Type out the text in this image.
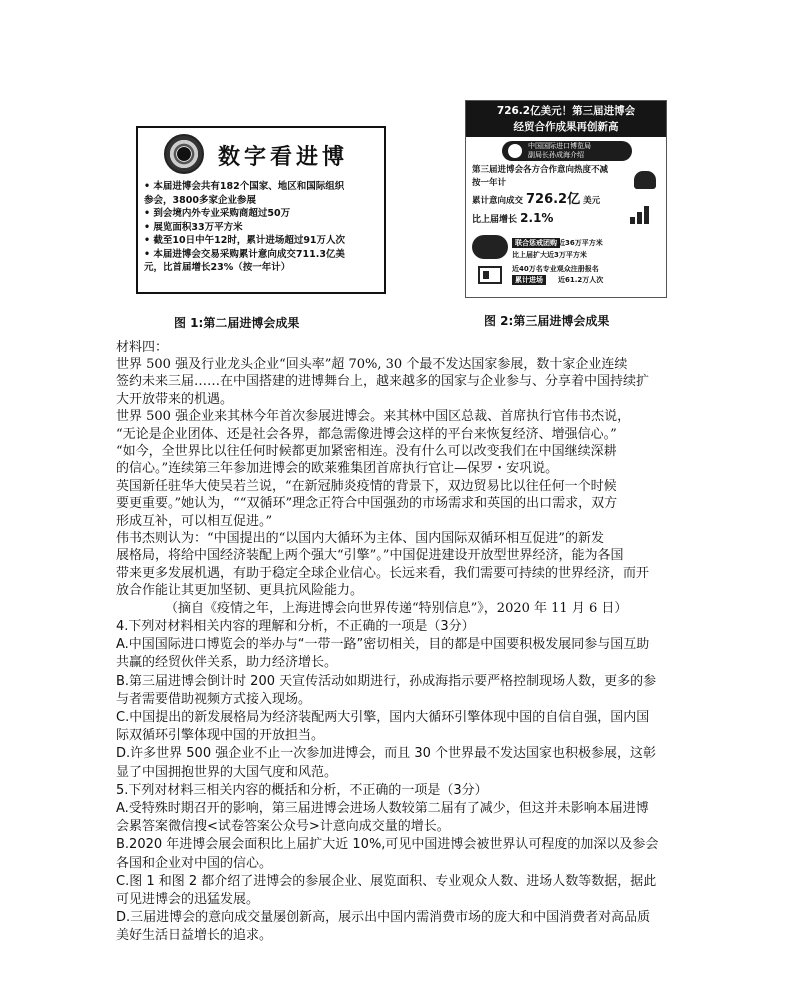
数字看进博

• 本届进博会共有182个国家、地区和国际组织

参会，3800多家企业参展

• 到会境内外专业采购商超过50万

• 展览面积33万平方米

• 截至10日中午12时，累计进场超过91万人次

• 本届进博会交易采购累计意向成交711.3亿美

元，比首届增长23%（按一年计）

图 1:第二届进博会成果
726.2亿美元！第三届进博会
经贸合作成果再创新高
中国国际进口博览局
副局长孙成海介绍
第三届进博会各方合作意向热度不减
按一年计
累计意向成交 726.2亿 美元
比上届增长 2.1%
联合惩戒团购 近36万平方米
比上届扩大近3万平方米
近40万名专业观众注册报名
累计进场	近61.2万人次
图 2:第三届进博会成果
材料四：
世界 500 强及行业龙头企业“回头率”超 70%, 30 个最不发达国家参展，数十家企业连续
签约未来三届……在中国搭建的进博舞台上，越来越多的国家与企业参与、分享着中国持续扩
大开放带来的机遇。
世界 500 强企业来其林今年首次参展进博会。来其林中国区总裁、首席执行官伟书杰说，
“无论是企业团体、还是社会各界，都急需像进博会这样的平台来恢复经济、增强信心。”
“如今，全世界比以往任何时候都更加紧密相连。没有什么可以改变我们在中国继续深耕
的信心。”连续第三年参加进博会的欧莱雅集团首席执行官让—保罗・安巩说。
英国新任驻华大使吴若兰说，“在新冠肺炎疫情的背景下，双边贸易比以往任何一个时候
要更重要。”她认为，““双循环”理念正符合中国强劲的市场需求和英国的出口需求，双方
形成互补，可以相互促进。”
伟书杰则认为：“中国提出的“以国内大循环为主体、国内国际双循环相互促进”的新发
展格局，将给中国经济装配上两个强大“引擎”。”中国促进建设开放型世界经济，能为各国
带来更多发展机遇，有助于稳定全球企业信心。长远来看，我们需要可持续的世界经济，而开
放合作能让其更加坚韧、更具抗风险能力。
（摘自《疫情之年，上海进博会向世界传递“特别信息”》，2020 年 11 月 6 日）
4.下列对材料相关内容的理解和分析，不正确的一项是（3分）
A.中国国际进口博览会的举办与“一带一路”密切相关，目的都是中国要积极发展同参与国互助
共赢的经贸伙伴关系，助力经济增长。
B.第三届进博会倒计时 200 天宣传活动如期进行，孙成海指示要严格控制现场人数，更多的参
与者需要借助视频方式接入现场。
C.中国提出的新发展格局为经济装配两大引擎，国内大循环引擎体现中国的自信自强，国内国
际双循环引擎体现中国的开放担当。
D.许多世界 500 强企业不止一次参加进博会，而且 30 个世界最不发达国家也积极参展，这彰
显了中国拥抱世界的大国气度和风范。
5.下列对材料三相关内容的概括和分析，不正确的一项是（3分）
A.受特殊时期召开的影响，第三届进博会进场人数较第二届有了减少，但这并未影响本届进博
会累答案微信搜<试卷答案公众号>计意向成交量的增长。
B.2020 年进博会展会面积比上届扩大近 10%,可见中国进博会被世界认可程度的加深以及参会
各国和企业对中国的信心。
C.图 1 和图 2 都介绍了进博会的参展企业、展览面积、专业观众人数、进场人数等数据，据此
可见进博会的迅猛发展。
D.三届进博会的意向成交量屡创新高，展示出中国内需消费市场的庞大和中国消费者对高品质
美好生活日益增长的追求。
